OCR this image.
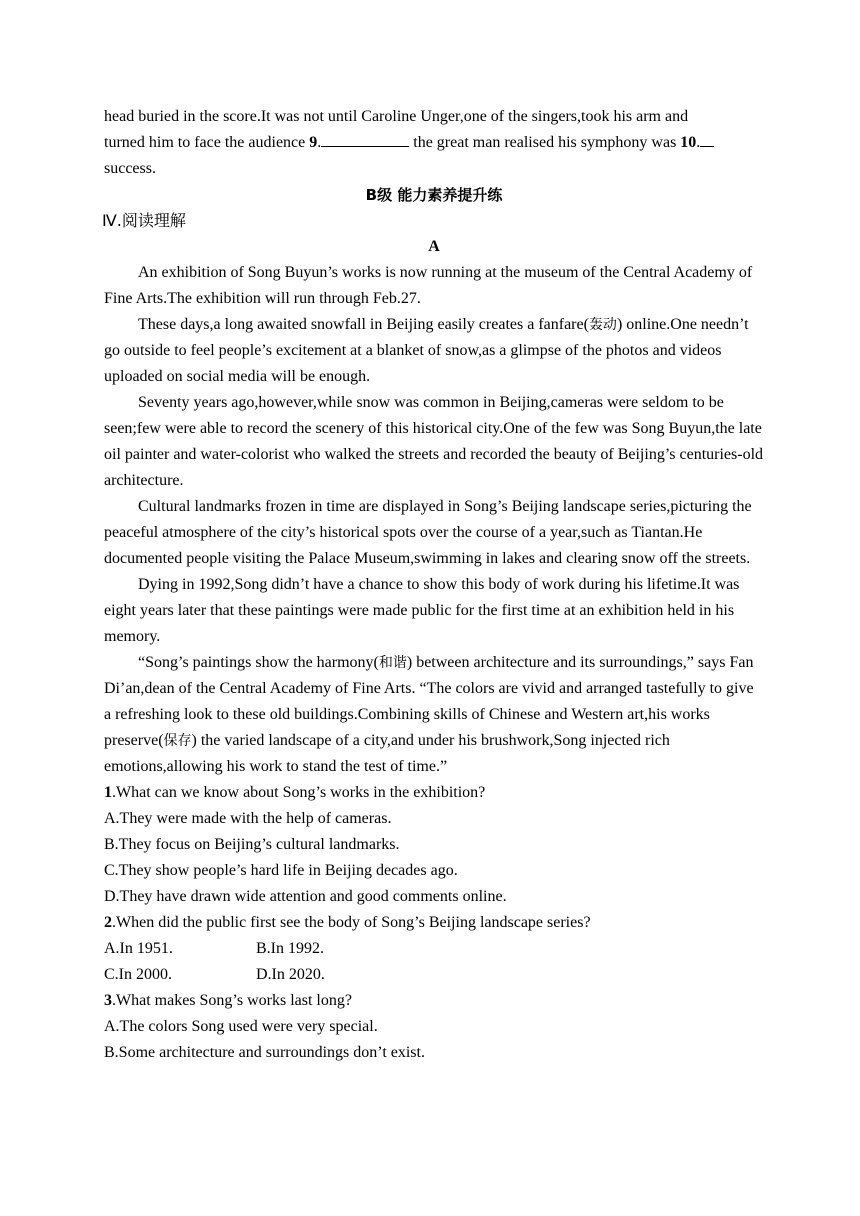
head buried in the score.It was not until Caroline Unger,one of the singers,took his arm and

turned him to face the audience 9.	the great man realised his symphony was 10.

success.

B级 能力素养提升练

Ⅳ.阅读理解

A

An exhibition of Song Buyun’s works is now running at the museum of the Central Academy of Fine Arts.The exhibition will run through Feb.27.

These days,a long awaited snowfall in Beijing easily creates a fanfare(轰动) online.One needn’t go outside to feel people’s excitement at a blanket of snow,as a glimpse of the photos and videos uploaded on social media will be enough.

Seventy years ago,however,while snow was common in Beijing,cameras were seldom to be seen;few were able to record the scenery of this historical city.One of the few was Song Buyun,the late oil painter and water-colorist who walked the streets and recorded the beauty of Beijing’s centuries-old architecture.

Cultural landmarks frozen in time are displayed in Song’s Beijing landscape series,picturing the peaceful atmosphere of the city’s historical spots over the course of a year,such as Tiantan.He documented people visiting the Palace Museum,swimming in lakes and clearing snow off the streets.

Dying in 1992,Song didn’t have a chance to show this body of work during his lifetime.It was eight years later that these paintings were made public for the first time at an exhibition held in his memory.

“Song’s paintings show the harmony(和谐) between architecture and its surroundings,” says Fan Di’an,dean of the Central Academy of Fine Arts. “The colors are vivid and arranged tastefully to give a refreshing look to these old buildings.Combining skills of Chinese and Western art,his works preserve(保存) the varied landscape of a city,and under his brushwork,Song injected rich emotions,allowing his work to stand the test of time.”

1.What can we know about Song’s works in the exhibition?

A.They were made with the help of cameras.

B.They focus on Beijing’s cultural landmarks.

C.They show people’s hard life in Beijing decades ago.

D.They have drawn wide attention and good comments online.

2.When did the public first see the body of Song’s Beijing landscape series?

A.In 1951.	B.In 1992.
C.In 2000.	D.In 2020.

3.What makes Song’s works last long?

A.The colors Song used were very special.

B.Some architecture and surroundings don’t exist.
